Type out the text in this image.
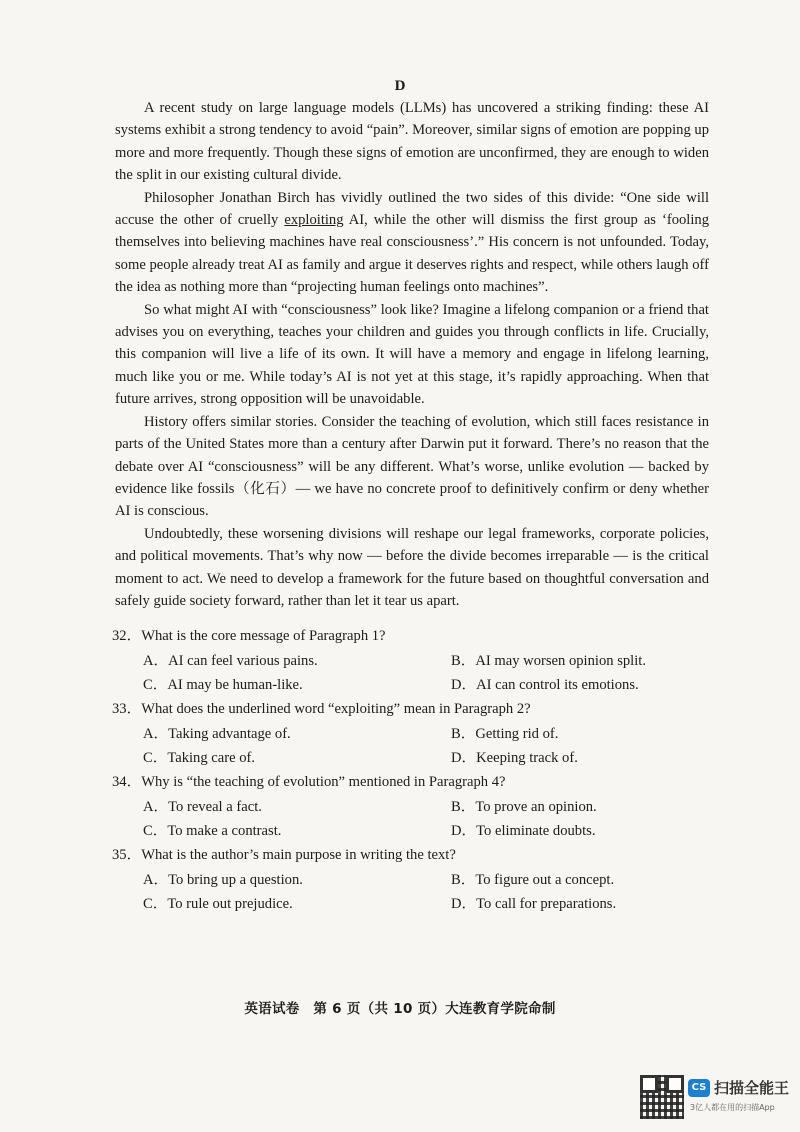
D

A recent study on large language models (LLMs) has uncovered a striking finding: these AI systems exhibit a strong tendency to avoid “pain”. Moreover, similar signs of emotion are popping up more and more frequently. Though these signs of emotion are unconfirmed, they are enough to widen the split in our existing cultural divide.

Philosopher Jonathan Birch has vividly outlined the two sides of this divide: “One side will accuse the other of cruelly exploiting AI, while the other will dismiss the first group as ‘fooling themselves into believing machines have real consciousness’.” His concern is not unfounded. Today, some people already treat AI as family and argue it deserves rights and respect, while others laugh off the idea as nothing more than “projecting human feelings onto machines”.

So what might AI with “consciousness” look like? Imagine a lifelong companion or a friend that advises you on everything, teaches your children and guides you through conflicts in life. Crucially, this companion will live a life of its own. It will have a memory and engage in lifelong learning, much like you or me. While today’s AI is not yet at this stage, it’s rapidly approaching. When that future arrives, strong opposition will be unavoidable.

History offers similar stories. Consider the teaching of evolution, which still faces resistance in parts of the United States more than a century after Darwin put it forward. There’s no reason that the debate over AI “consciousness” will be any different. What’s worse, unlike evolution — backed by evidence like fossils（化石）— we have no concrete proof to definitively confirm or deny whether AI is conscious.

Undoubtedly, these worsening divisions will reshape our legal frameworks, corporate policies, and political movements. That’s why now — before the divide becomes irreparable — is the critical moment to act. We need to develop a framework for the future based on thoughtful conversation and safely guide society forward, rather than let it tear us apart.

32．What is the core message of Paragraph 1?
A．AI can feel various pains.	B．AI may worsen opinion split.
C．AI may be human-like.	D．AI can control its emotions.
33．What does the underlined word “exploiting” mean in Paragraph 2?
A．Taking advantage of.	B．Getting rid of.
C．Taking care of.	D．Keeping track of.
34．Why is “the teaching of evolution” mentioned in Paragraph 4?
A．To reveal a fact.	B．To prove an opinion.
C．To make a contrast.	D．To eliminate doubts.
35．What is the author’s main purpose in writing the text?
A．To bring up a question.	B．To figure out a concept.
C．To rule out prejudice.	D．To call for preparations.
英语试卷　第 6 页（共 10 页）大连教育学院命制
CS 扫描全能王
3亿人都在用的扫描App
